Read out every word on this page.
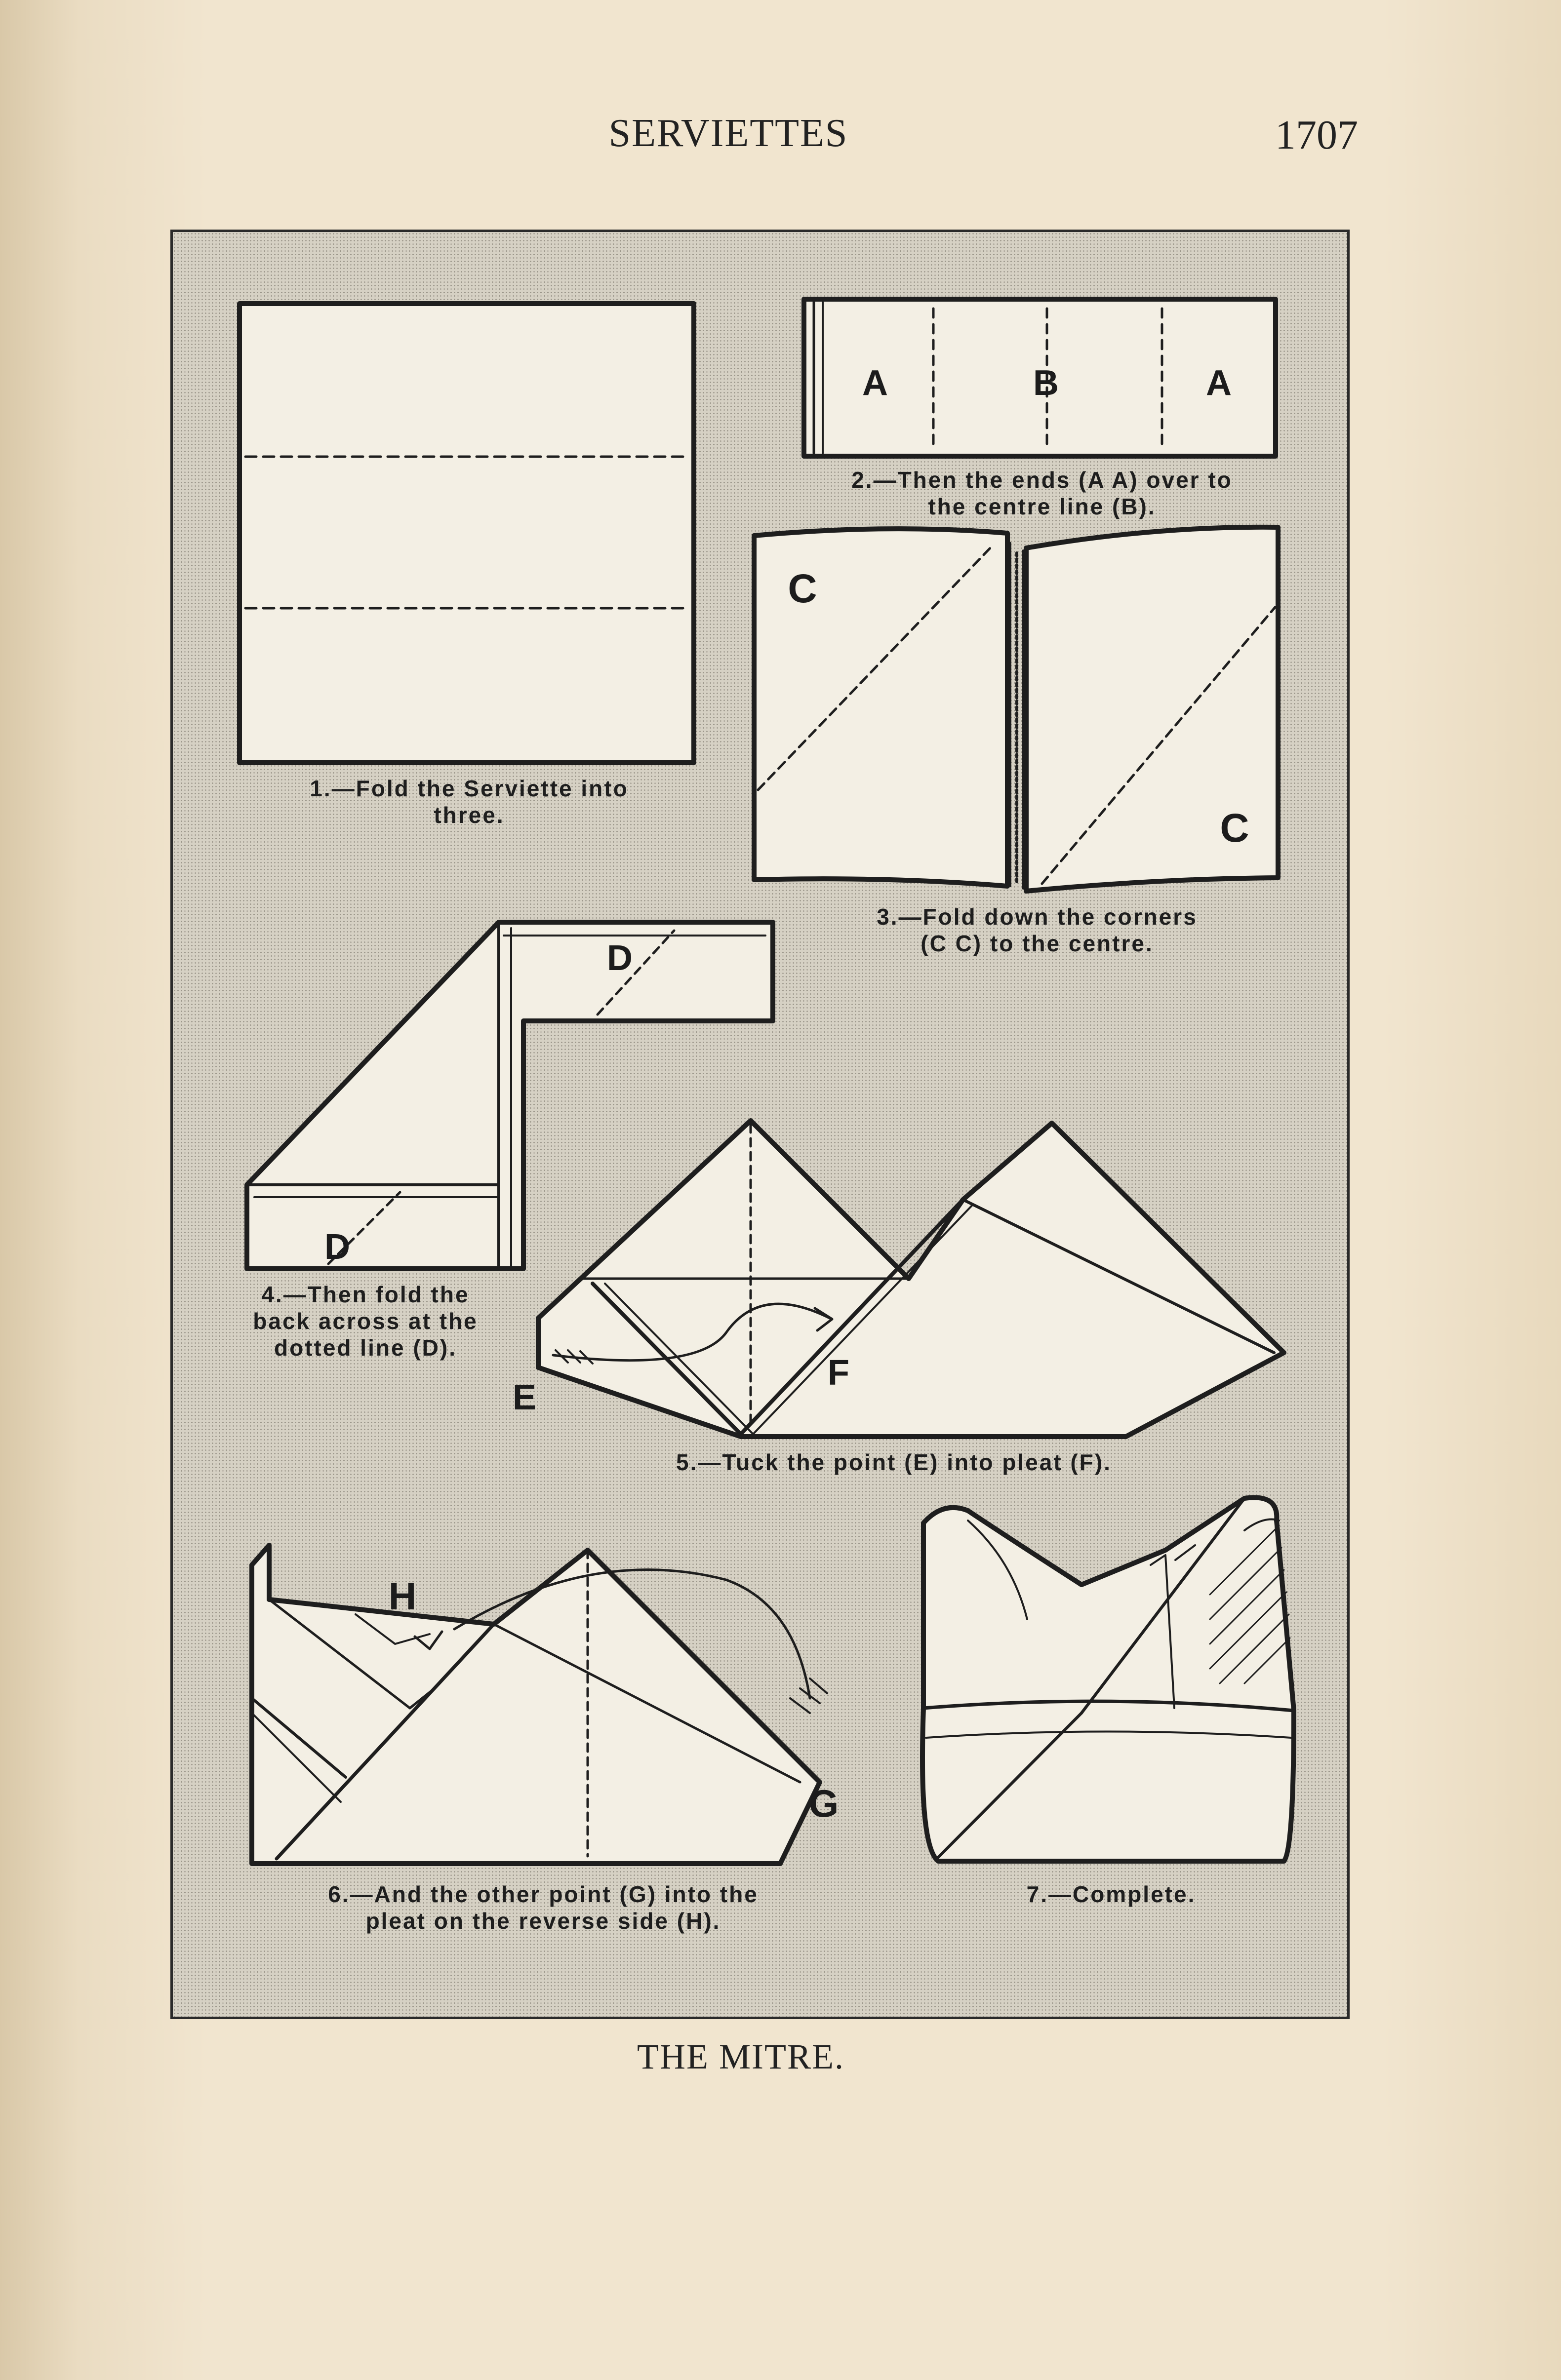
SERVIETTES	1707
A	B	A
C
C
D
D
E
F
G
H
1.—Fold the Serviette into
three.
2.—Then the ends (A A) over to
the centre line (B).
3.—Fold down the corners
(C C) to the centre.
4.—Then fold the
back across at the
dotted line (D).
5.—Tuck the point (E) into pleat (F).
6.—And the other point (G) into the
pleat on the reverse side (H).
7.—Complete.
THE MITRE.
